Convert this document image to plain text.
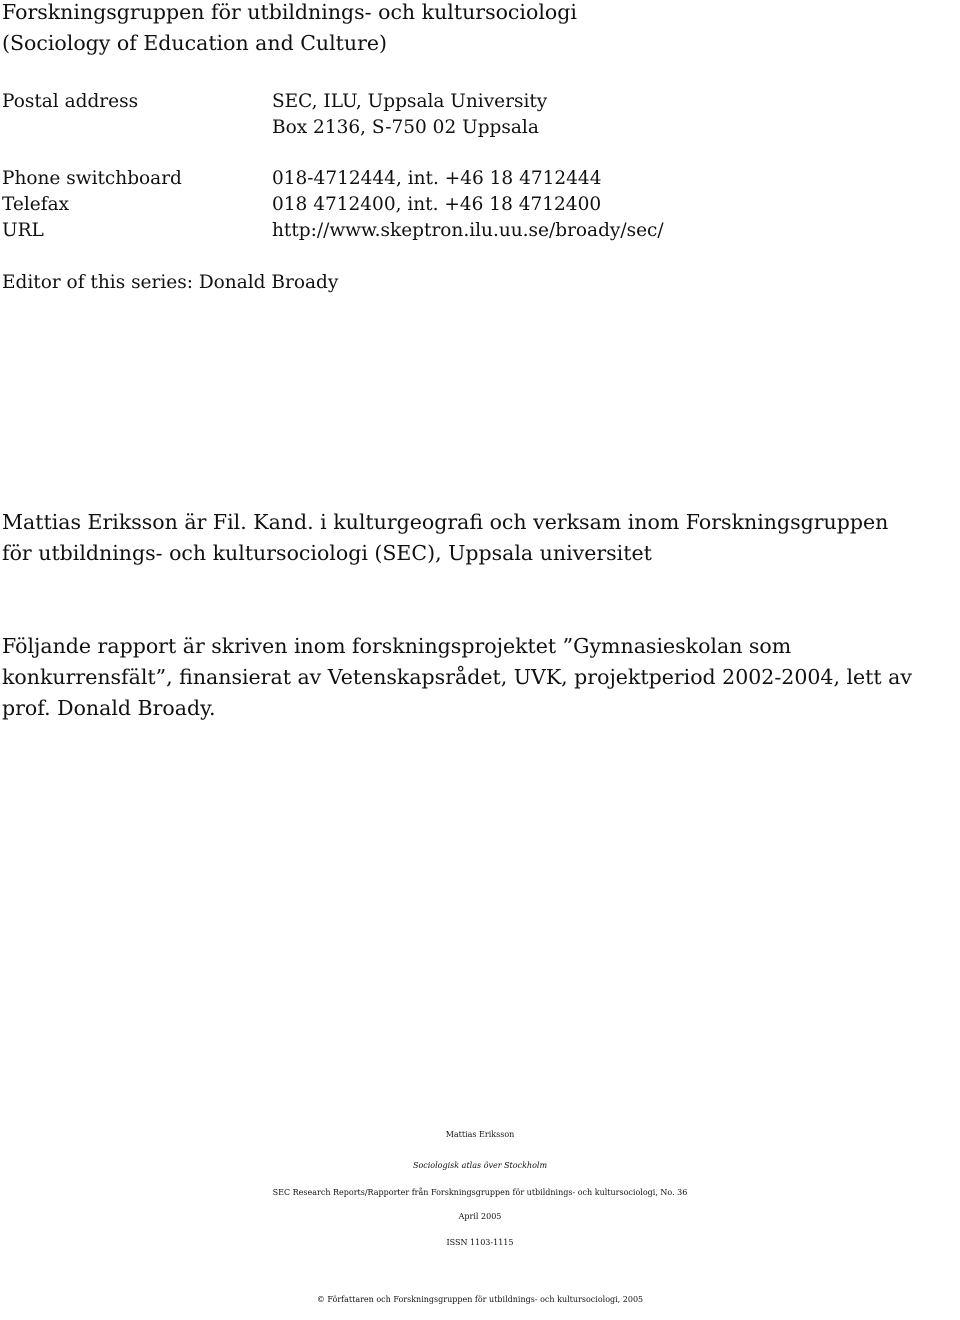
Forskningsgruppen för utbildnings- och kultursociologi
(Sociology of Education and Culture)
Postal address	SEC, ILU, Uppsala University
Box 2136, S-750 02 Uppsala
Phone switchboard	018-4712444, int. +46 18 4712444
Telefax	018 4712400, int. +46 18 4712400
URL	http://www.skeptron.ilu.uu.se/broady/sec/
Editor of this series: Donald Broady
Mattias Eriksson är Fil. Kand. i kulturgeografi och verksam inom Forskningsgruppen
för utbildnings- och kultursociologi (SEC), Uppsala universitet
Följande rapport är skriven inom forskningsprojektet ”Gymnasieskolan som
konkurrensfält”, finansierat av Vetenskapsrådet, UVK, projektperiod 2002-2004, lett av
prof. Donald Broady.
Mattias Eriksson
Sociologisk atlas över Stockholm
SEC Research Reports/Rapporter från Forskningsgruppen för utbildnings- och kultursociologi, No. 36
April 2005
ISSN 1103-1115
© Författaren och Forskningsgruppen för utbildnings- och kultursociologi, 2005
